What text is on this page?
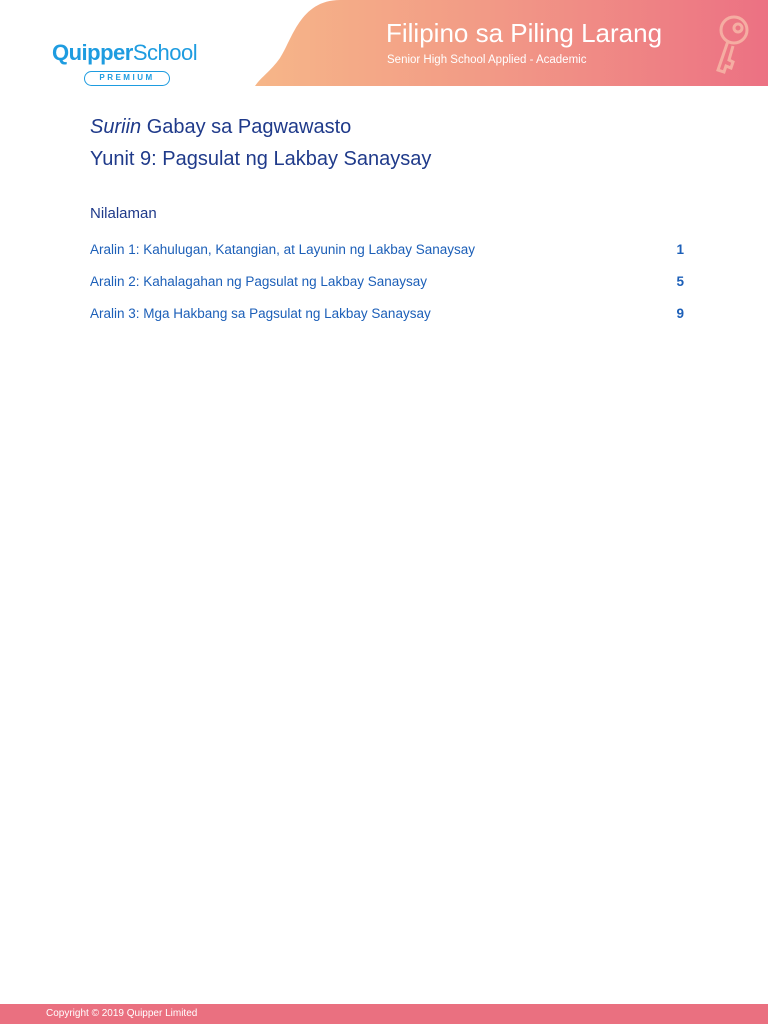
QuipperSchool
PREMIUM
Filipino sa Piling Larang
Senior High School Applied - Academic
Suriin Gabay sa Pagwawasto
Yunit 9: Pagsulat ng Lakbay Sanaysay
Nilalaman
Aralin 1: Kahulugan, Katangian, at Layunin ng Lakbay Sanaysay	1
Aralin 2: Kahalagahan ng Pagsulat ng Lakbay Sanaysay	5
Aralin 3: Mga Hakbang sa Pagsulat ng Lakbay Sanaysay	9
Copyright © 2019 Quipper Limited
